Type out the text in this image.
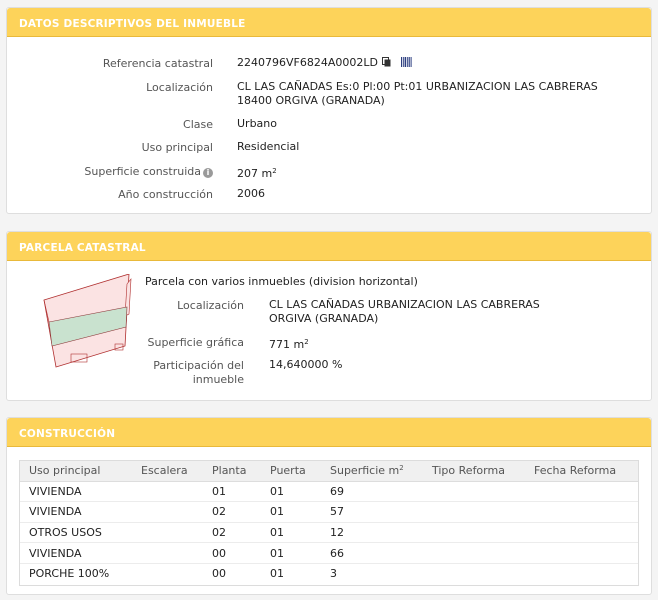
DATOS DESCRIPTIVOS DEL INMUEBLE
Referencia catastral 2240796VF6824A0002LD
Localización CL LAS CAÑADAS Es:0 Pl:00 Pt:01 URBANIZACION LAS CABRERAS
18400 ORGIVA (GRANADA)
Clase Urbano
Uso principal Residencial
Superficie construida i	207 $m^2$
Año construcción 2006
PARCELA CATASTRAL
Parcela con varios inmuebles (division horizontal)
Localización CL LAS CAÑADAS URBANIZACION LAS CABRERAS
ORGIVA (GRANADA)
Superficie gráfica 771 $m^2$
Participación del
inmueble
14,640000 %
CONSTRUCCIÓN
Uso principal	Escalera	Planta	Puerta	Superficie $m^2$	Tipo Reforma	Fecha Reforma
VIVIENDA		01	01	69		
VIVIENDA		02	01	57		
OTROS USOS		02	01	12		
VIVIENDA		00	01	66		
PORCHE 100%		00	01	3		
